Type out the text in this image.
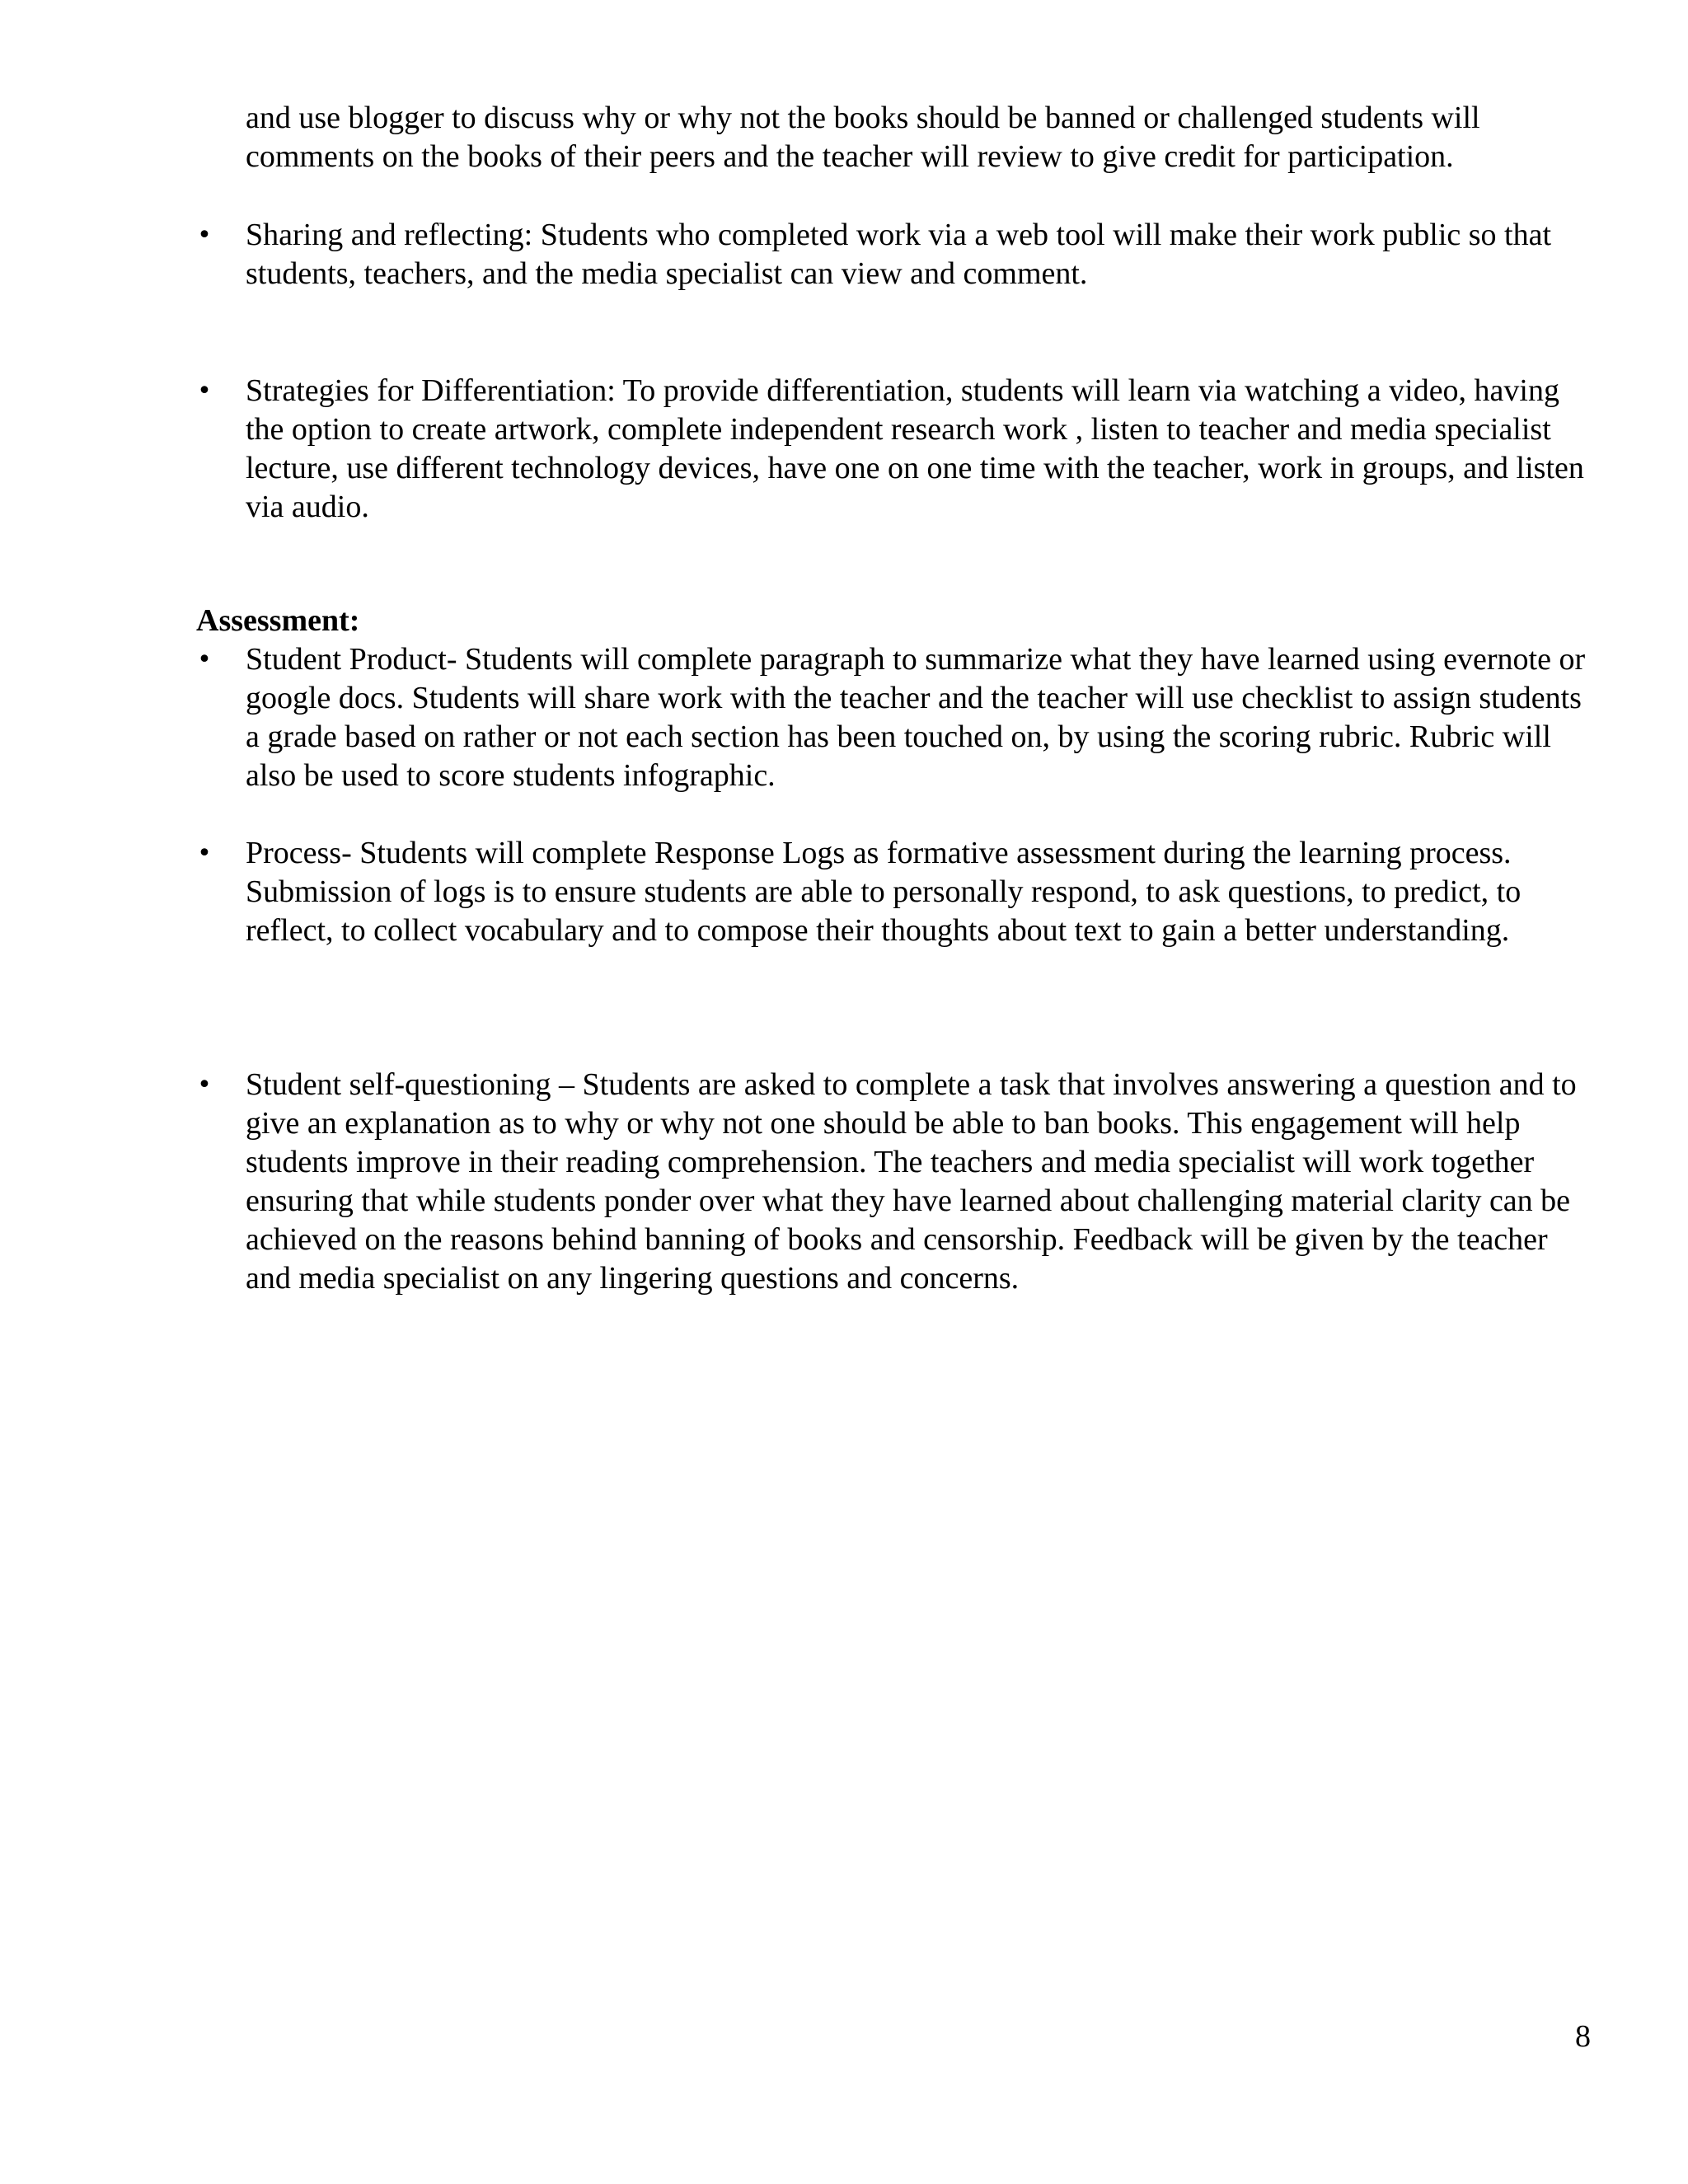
and use blogger to discuss why or why not the books should be banned or challenged students will comments on the books of their peers and the teacher will review to give credit for participation.

• Sharing and reflecting: Students who completed work via a web tool will make their work public so that students, teachers, and the media specialist can view and comment.

• Strategies for Differentiation: To provide differentiation, students will learn via watching a video, having the option to create artwork, complete independent research work , listen to teacher and media specialist lecture, use different technology devices, have one on one time with the teacher, work in groups, and listen via audio.

Assessment:

• Student Product- Students will complete paragraph to summarize what they have learned using evernote or google docs. Students will share work with the teacher and the teacher will use checklist to assign students a grade based on rather or not each section has been touched on, by using the scoring rubric. Rubric will also be used to score students infographic.

• Process- Students will complete Response Logs as formative assessment during the learning process. Submission of logs is to ensure students are able to personally respond, to ask questions, to predict, to reflect, to collect vocabulary and to compose their thoughts about text to gain a better understanding.

• Student self-questioning – Students are asked to complete a task that involves answering a question and to give an explanation as to why or why not one should be able to ban books. This engagement will help students improve in their reading comprehension. The teachers and media specialist will work together ensuring that while students ponder over what they have learned about challenging material clarity can be achieved on the reasons behind banning of books and censorship. Feedback will be given by the teacher and media specialist on any lingering questions and concerns.

8
